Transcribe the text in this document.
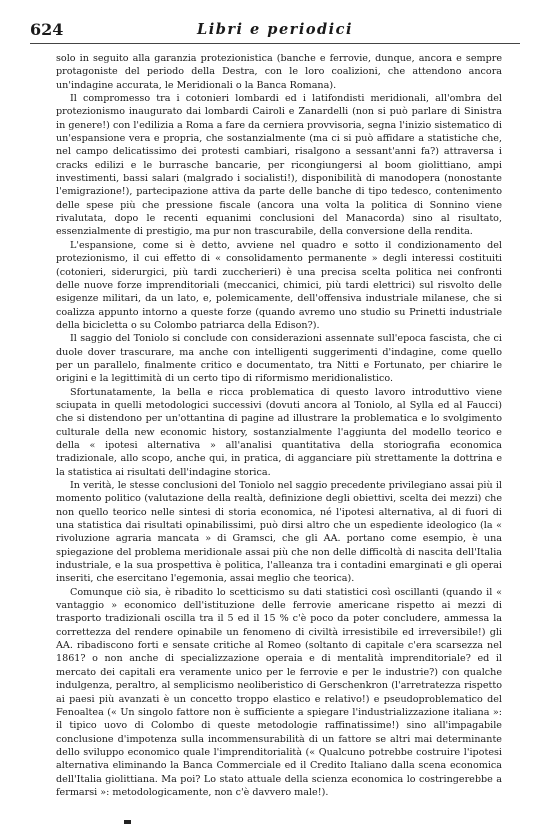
624	Libri e periodici

solo in seguito alla garanzia protezionistica (banche e ferrovie, dunque, ancora e sempre protagoniste del periodo della Destra, con le loro coalizioni, che attendono ancora un'indagine accurata, le Meridionali o la Banca Romana).

Il compromesso tra i cotonieri lombardi ed i latifondisti meridionali, all'ombra del protezionismo inaugurato dai lombardi Cairoli e Zanardelli (non si può parlare di Sinistra in genere!) con l'edilizia a Roma a fare da cerniera provvisoria, segna l'inizio sistematico di un'espansione vera e propria, che sostanzialmente (ma ci si può affidare a statistiche che, nel campo delicatissimo dei protesti cambiari, risalgono a sessant'anni fa?) attraversa i cracks edilizi e le burrasche bancarie, per ricongiungersi al boom giolittiano, ampi investimenti, bassi salari (malgrado i socialisti!), disponibilità di manodopera (nonostante l'emigrazione!), partecipazione attiva da parte delle banche di tipo tedesco, contenimento delle spese più che pressione fiscale (ancora una volta la politica di Sonnino viene rivalutata, dopo le recenti equanimi conclusioni del Manacorda) sino al risultato, essenzialmente di prestigio, ma pur non trascurabile, della conversione della rendita.

L'espansione, come si è detto, avviene nel quadro e sotto il condizionamento del protezionismo, il cui effetto di « consolidamento permanente » degli interessi costituiti (cotonieri, siderurgici, più tardi zuccherieri) è una precisa scelta politica nei confronti delle nuove forze imprenditoriali (meccanici, chimici, più tardi elettrici) sul risvolto delle esigenze militari, da un lato, e, polemicamente, dell'offensiva industriale milanese, che si coalizza appunto intorno a queste forze (quando avremo uno studio su Prinetti industriale della bicicletta o su Colombo patriarca della Edison?).

Il saggio del Toniolo si conclude con considerazioni assennate sull'epoca fascista, che ci duole dover trascurare, ma anche con intelligenti suggerimenti d'indagine, come quello per un parallelo, finalmente critico e documentato, tra Nitti e Fortunato, per chiarire le origini e la legittimità di un certo tipo di riformismo meridionalistico.

Sfortunatamente, la bella e ricca problematica di questo lavoro introduttivo viene sciupata in quelli metodologici successivi (dovuti ancora al Toniolo, al Sylla ed al Faucci) che si distendono per un'ottantina di pagine ad illustrare la problematica e lo svolgimento culturale della new economic history, sostanzialmente l'aggiunta del modello teorico e della « ipotesi alternativa » all'analisi quantitativa della storiografia economica tradizionale, allo scopo, anche qui, in pratica, di agganciare più strettamente la dottrina e la statistica ai risultati dell'indagine storica.

In verità, le stesse conclusioni del Toniolo nel saggio precedente privilegiano assai più il momento politico (valutazione della realtà, definizione degli obiettivi, scelta dei mezzi) che non quello teorico nelle sintesi di storia economica, né l'ipotesi alternativa, al di fuori di una statistica dai risultati opinabilissimi, può dirsi altro che un espediente ideologico (la « rivoluzione agraria mancata » di Gramsci, che gli AA. portano come esempio, è una spiegazione del problema meridionale assai più che non delle difficoltà di nascita dell'Italia industriale, e la sua prospettiva è politica, l'alleanza tra i contadini emarginati e gli operai inseriti, che esercitano l'egemonia, assai meglio che teorica).

Comunque ciò sia, è ribadito lo scetticismo su dati statistici così oscillanti (quando il « vantaggio » economico dell'istituzione delle ferrovie americane rispetto ai mezzi di trasporto tradizionali oscilla tra il 5 ed il 15 % c'è poco da poter concludere, ammessa la correttezza del rendere opinabile un fenomeno di civiltà irresistibile ed irreversibile!) gli AA. ribadiscono forti e sensate critiche al Romeo (soltanto di capitale c'era scarsezza nel 1861? o non anche di specializzazione operaia e di mentalità imprenditoriale? ed il mercato dei capitali era veramente unico per le ferrovie e per le industrie?) con qualche indulgenza, peraltro, al semplicismo neoliberistico di Gerschenkron (l'arretratezza rispetto ai paesi più avanzati è un concetto troppo elastico e relativo!) e pseudoproblematico del Fenoaltea (« Un singolo fattore non è sufficiente a spiegare l'industrializzazione italiana »: il tipico uovo di Colombo di queste metodologie raffinatissime!) sino all'impagabile conclusione d'impotenza sulla incommensurabilità di un fattore se altri mai determinante dello sviluppo economico quale l'imprenditorialità (« Qualcuno potrebbe costruire l'ipotesi alternativa eliminando la Banca Commerciale ed il Credito Italiano dalla scena economica dell'Italia giolittiana. Ma poi? Lo stato attuale della scienza economica lo costringerebbe a fermarsi »: metodologicamente, non c'è davvero male!).
